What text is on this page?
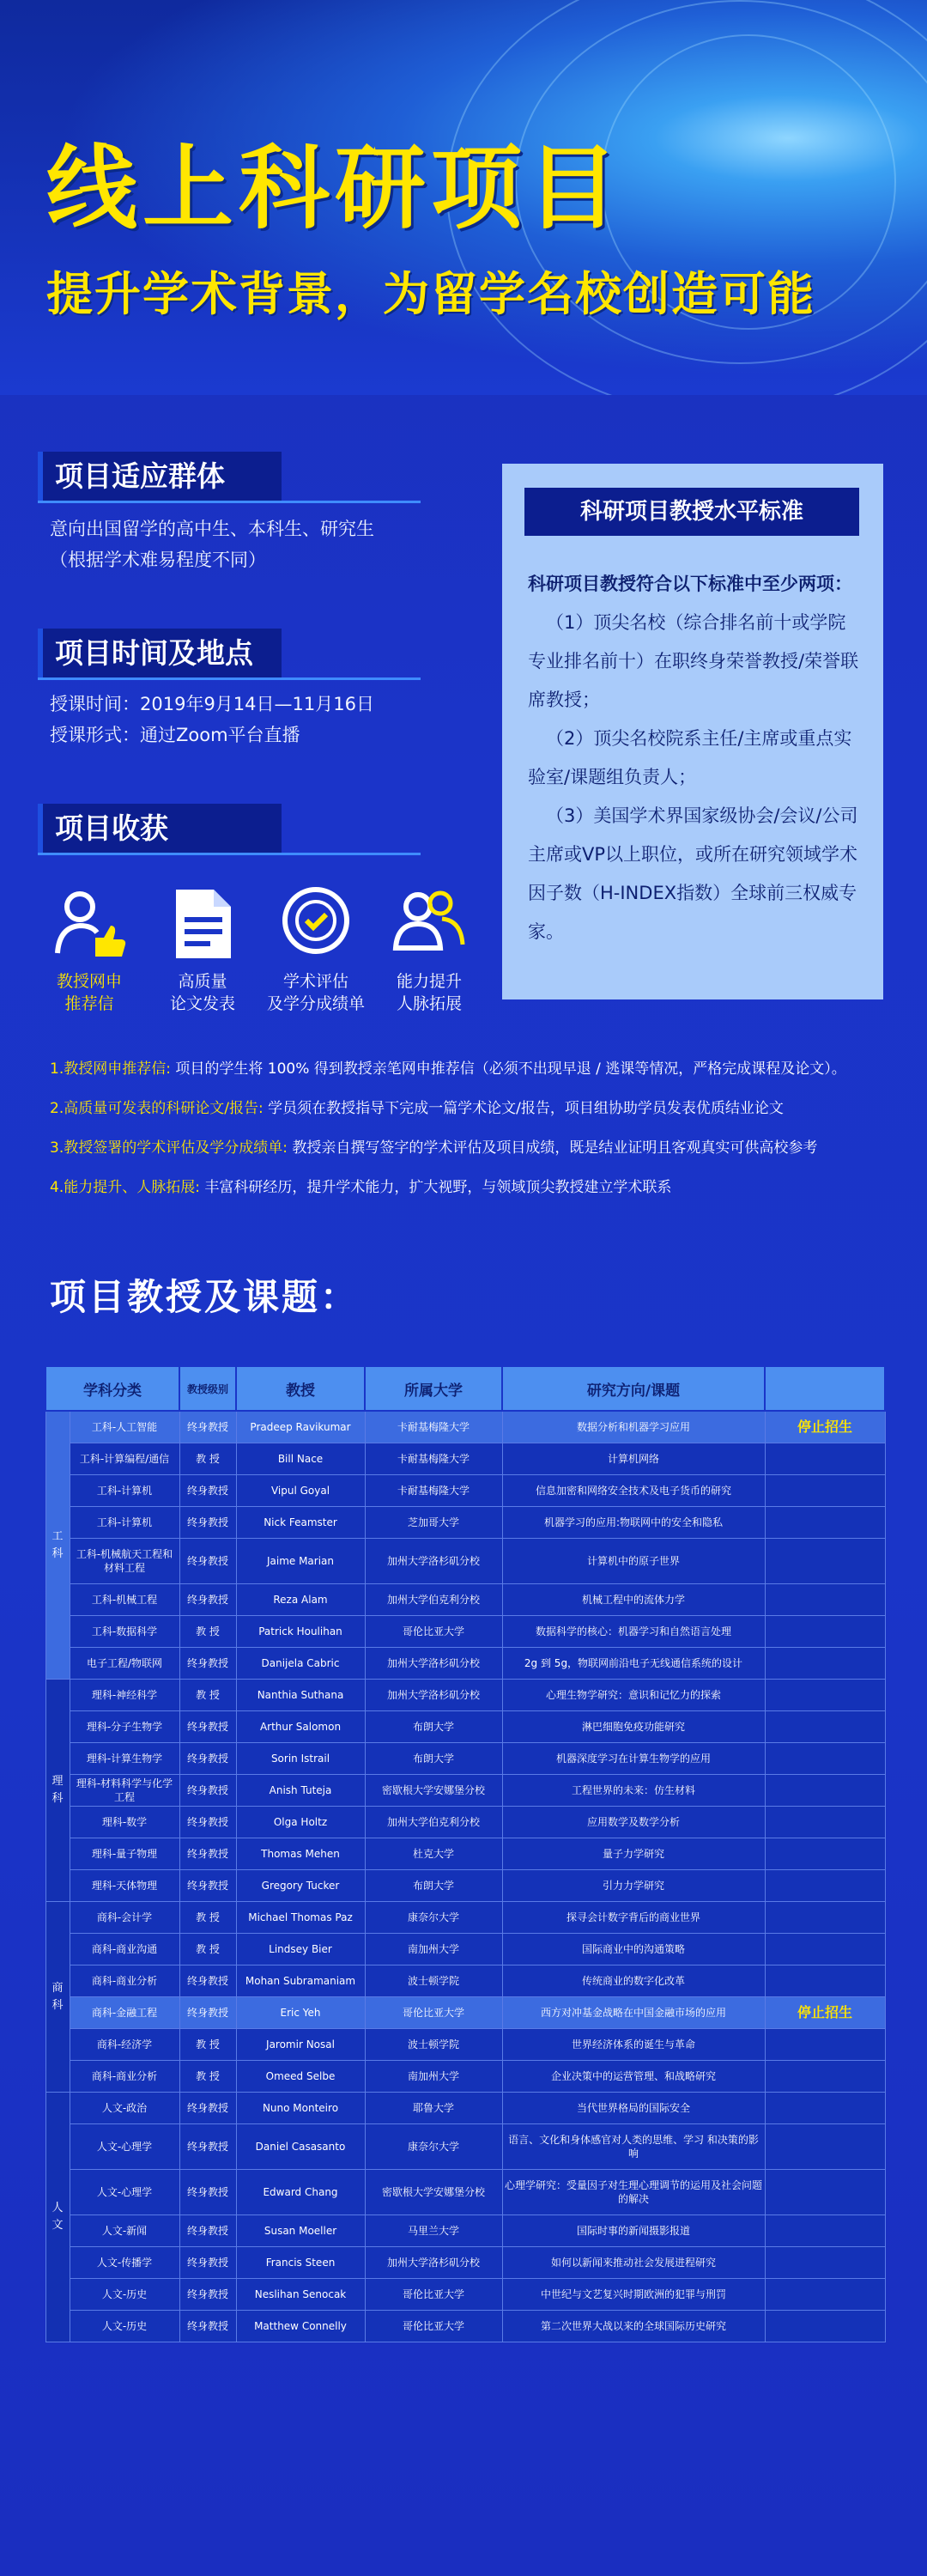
线上科研项目
提升学术背景，为留学名校创造可能
项目适应群体
意向出国留学的高中生、本科生、研究生
（根据学术难易程度不同）
项目时间及地点
授课时间：2019年9月14日—11月16日
授课形式：通过Zoom平台直播
项目收获
教授网申
推荐信
高质量
论文发表
学术评估
及学分成绩单
能力提升
人脉拓展
科研项目教授水平标准
科研项目教授符合以下标准中至少两项：

（1）顶尖名校（综合排名前十或学院专业排名前十）在职终身荣誉教授/荣誉联席教授；

（2）顶尖名校院系主任/主席或重点实验室/课题组负责人；

（3）美国学术界国家级协会/会议/公司主席或VP以上职位，或所在研究领域学术因子数（H-INDEX指数）全球前三权威专家。

1.教授网申推荐信: 项目的学生将 100% 得到教授亲笔网申推荐信（必须不出现早退 / 逃课等情况，严格完成课程及论文）。
2.高质量可发表的科研论文/报告: 学员须在教授指导下完成一篇学术论文/报告，项目组协助学员发表优质结业论文
3.教授签署的学术评估及学分成绩单: 教授亲自撰写签字的学术评估及项目成绩，既是结业证明且客观真实可供高校参考
4.能力提升、人脉拓展: 丰富科研经历，提升学术能力，扩大视野，与领域顶尖教授建立学术联系
项目教授及课题：
学科分类		教授级别	教授	所属大学	研究方向/课题	
工科	工科-人工智能	终身教授	Pradeep Ravikumar	卡耐基梅隆大学	数据分析和机器学习应用	停止招生
	工科-计算编程/通信	教 授	Bill Nace	卡耐基梅隆大学	计算机网络	
	工科-计算机	终身教授	Vipul Goyal	卡耐基梅隆大学	信息加密和网络安全技术及电子货币的研究	
	工科-计算机	终身教授	Nick Feamster	芝加哥大学	机器学习的应用:物联网中的安全和隐私	
	工科-机械航天工程和材料工程	终身教授	Jaime Marian	加州大学洛杉矶分校	计算机中的原子世界	
	工科-机械工程	终身教授	Reza Alam	加州大学伯克利分校	机械工程中的流体力学	
	工科-数据科学	教 授	Patrick Houlihan	哥伦比亚大学	数据科学的核心：机器学习和自然语言处理	
	电子工程/物联网	终身教授	Danijela Cabric	加州大学洛杉矶分校	2g 到 5g，物联网前沿电子无线通信系统的设计	
理科	理科-神经科学	教 授	Nanthia Suthana	加州大学洛杉矶分校	心理生物学研究：意识和记忆力的探索	
	理科-分子生物学	终身教授	Arthur Salomon	布朗大学	淋巴细胞免疫功能研究	
	理科-计算生物学	终身教授	Sorin Istrail	布朗大学	机器深度学习在计算生物学的应用	
	理科-材料科学与化学工程	终身教授	Anish Tuteja	密歇根大学安娜堡分校	工程世界的未来：仿生材料	
	理科-数学	终身教授	Olga Holtz	加州大学伯克利分校	应用数学及数学分析	
	理科-量子物理	终身教授	Thomas Mehen	杜克大学	量子力学研究	
	理科-天体物理	终身教授	Gregory Tucker	布朗大学	引力力学研究	
商科	商科-会计学	教 授	Michael Thomas Paz	康奈尔大学	探寻会计数字背后的商业世界	
	商科-商业沟通	教 授	Lindsey Bier	南加州大学	国际商业中的沟通策略	
	商科-商业分析	终身教授	Mohan Subramaniam	波士顿学院	传统商业的数字化改革	
	商科-金融工程	终身教授	Eric Yeh	哥伦比亚大学	西方对冲基金战略在中国金融市场的应用	停止招生
	商科-经济学	教 授	Jaromir Nosal	波士顿学院	世界经济体系的诞生与革命	
	商科-商业分析	教 授	Omeed Selbe	南加州大学	企业决策中的运营管理、和战略研究	
人文	人文-政治	终身教授	Nuno Monteiro	耶鲁大学	当代世界格局的国际安全	
	人文-心理学	终身教授	Daniel Casasanto	康奈尔大学	语言、文化和身体感官对人类的思维、学习 和决策的影响	
	人文-心理学	终身教授	Edward Chang	密歇根大学安娜堡分校	心理学研究：受量因子对生理心理调节的运用及社会问题的解决	
	人文-新闻	终身教授	Susan Moeller	马里兰大学	国际时事的新闻摄影报道	
	人文-传播学	终身教授	Francis Steen	加州大学洛杉矶分校	如何以新闻来推动社会发展进程研究	
	人文-历史	终身教授	Neslihan Senocak	哥伦比亚大学	中世纪与文艺复兴时期欧洲的犯罪与刑罚	
	人文-历史	终身教授	Matthew Connelly	哥伦比亚大学	第二次世界大战以来的全球国际历史研究	
